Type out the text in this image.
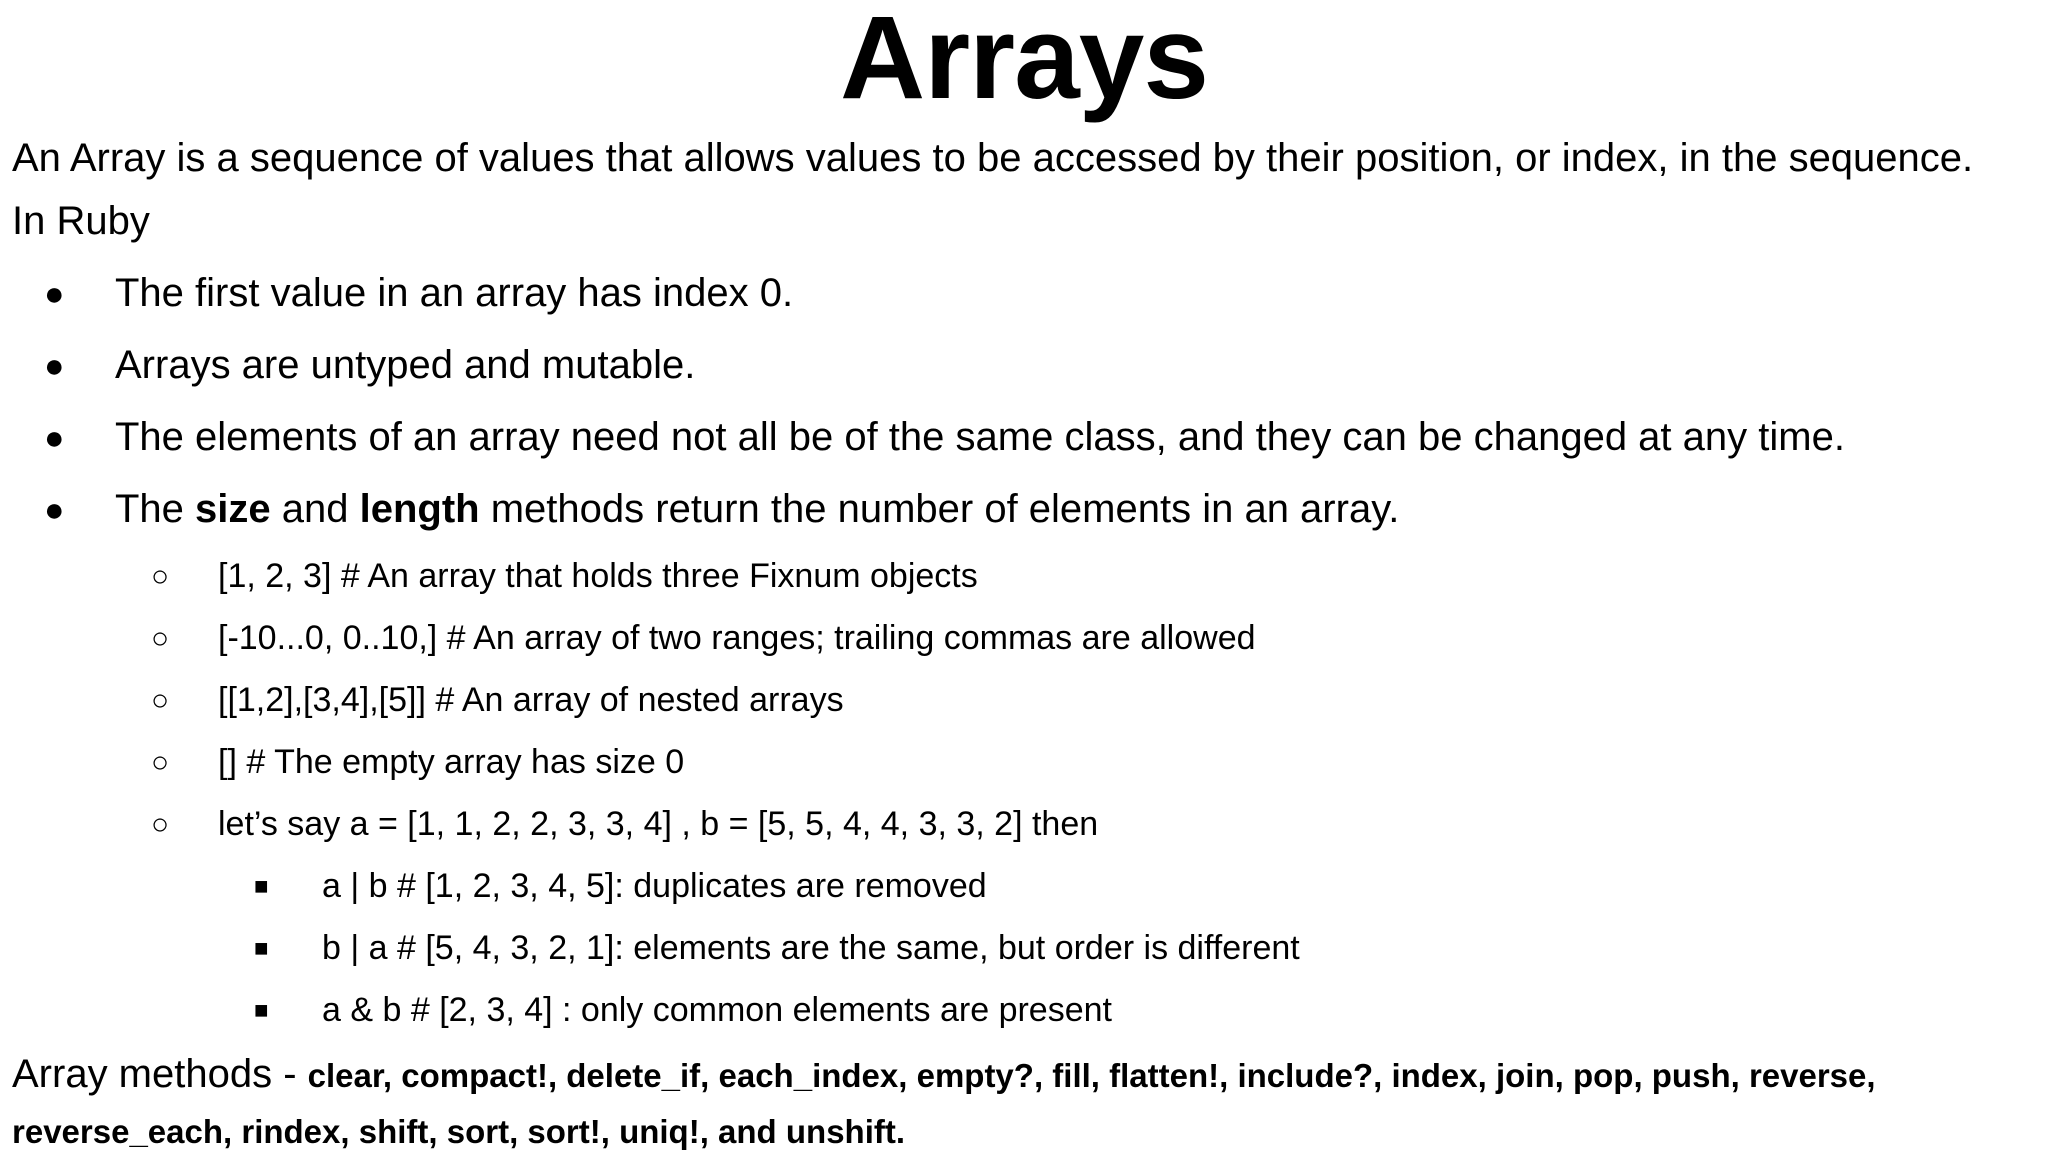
Arrays
An Array is a sequence of values that allows values to be accessed by their position, or index, in the sequence.
In Ruby
● The first value in an array has index 0.
● Arrays are untyped and mutable.
● The elements of an array need not all be of the same class, and they can be changed at any time.
● The size and length methods return the number of elements in an array.
○ [1, 2, 3] # An array that holds three Fixnum objects
○ [-10...0, 0..10,] # An array of two ranges; trailing commas are allowed
○ [[1,2],[3,4],[5]] # An array of nested arrays
○ [] # The empty array has size 0
○ let’s say a = [1, 1, 2, 2, 3, 3, 4] , b = [5, 5, 4, 4, 3, 3, 2] then
■ a | b # [1, 2, 3, 4, 5]: duplicates are removed
■ b | a # [5, 4, 3, 2, 1]: elements are the same, but order is different
■ a & b # [2, 3, 4] : only common elements are present
Array methods - clear, compact!, delete_if, each_index, empty?, fill, flatten!, include?, index, join, pop, push, reverse,
reverse_each, rindex, shift, sort, sort!, uniq!, and unshift.
